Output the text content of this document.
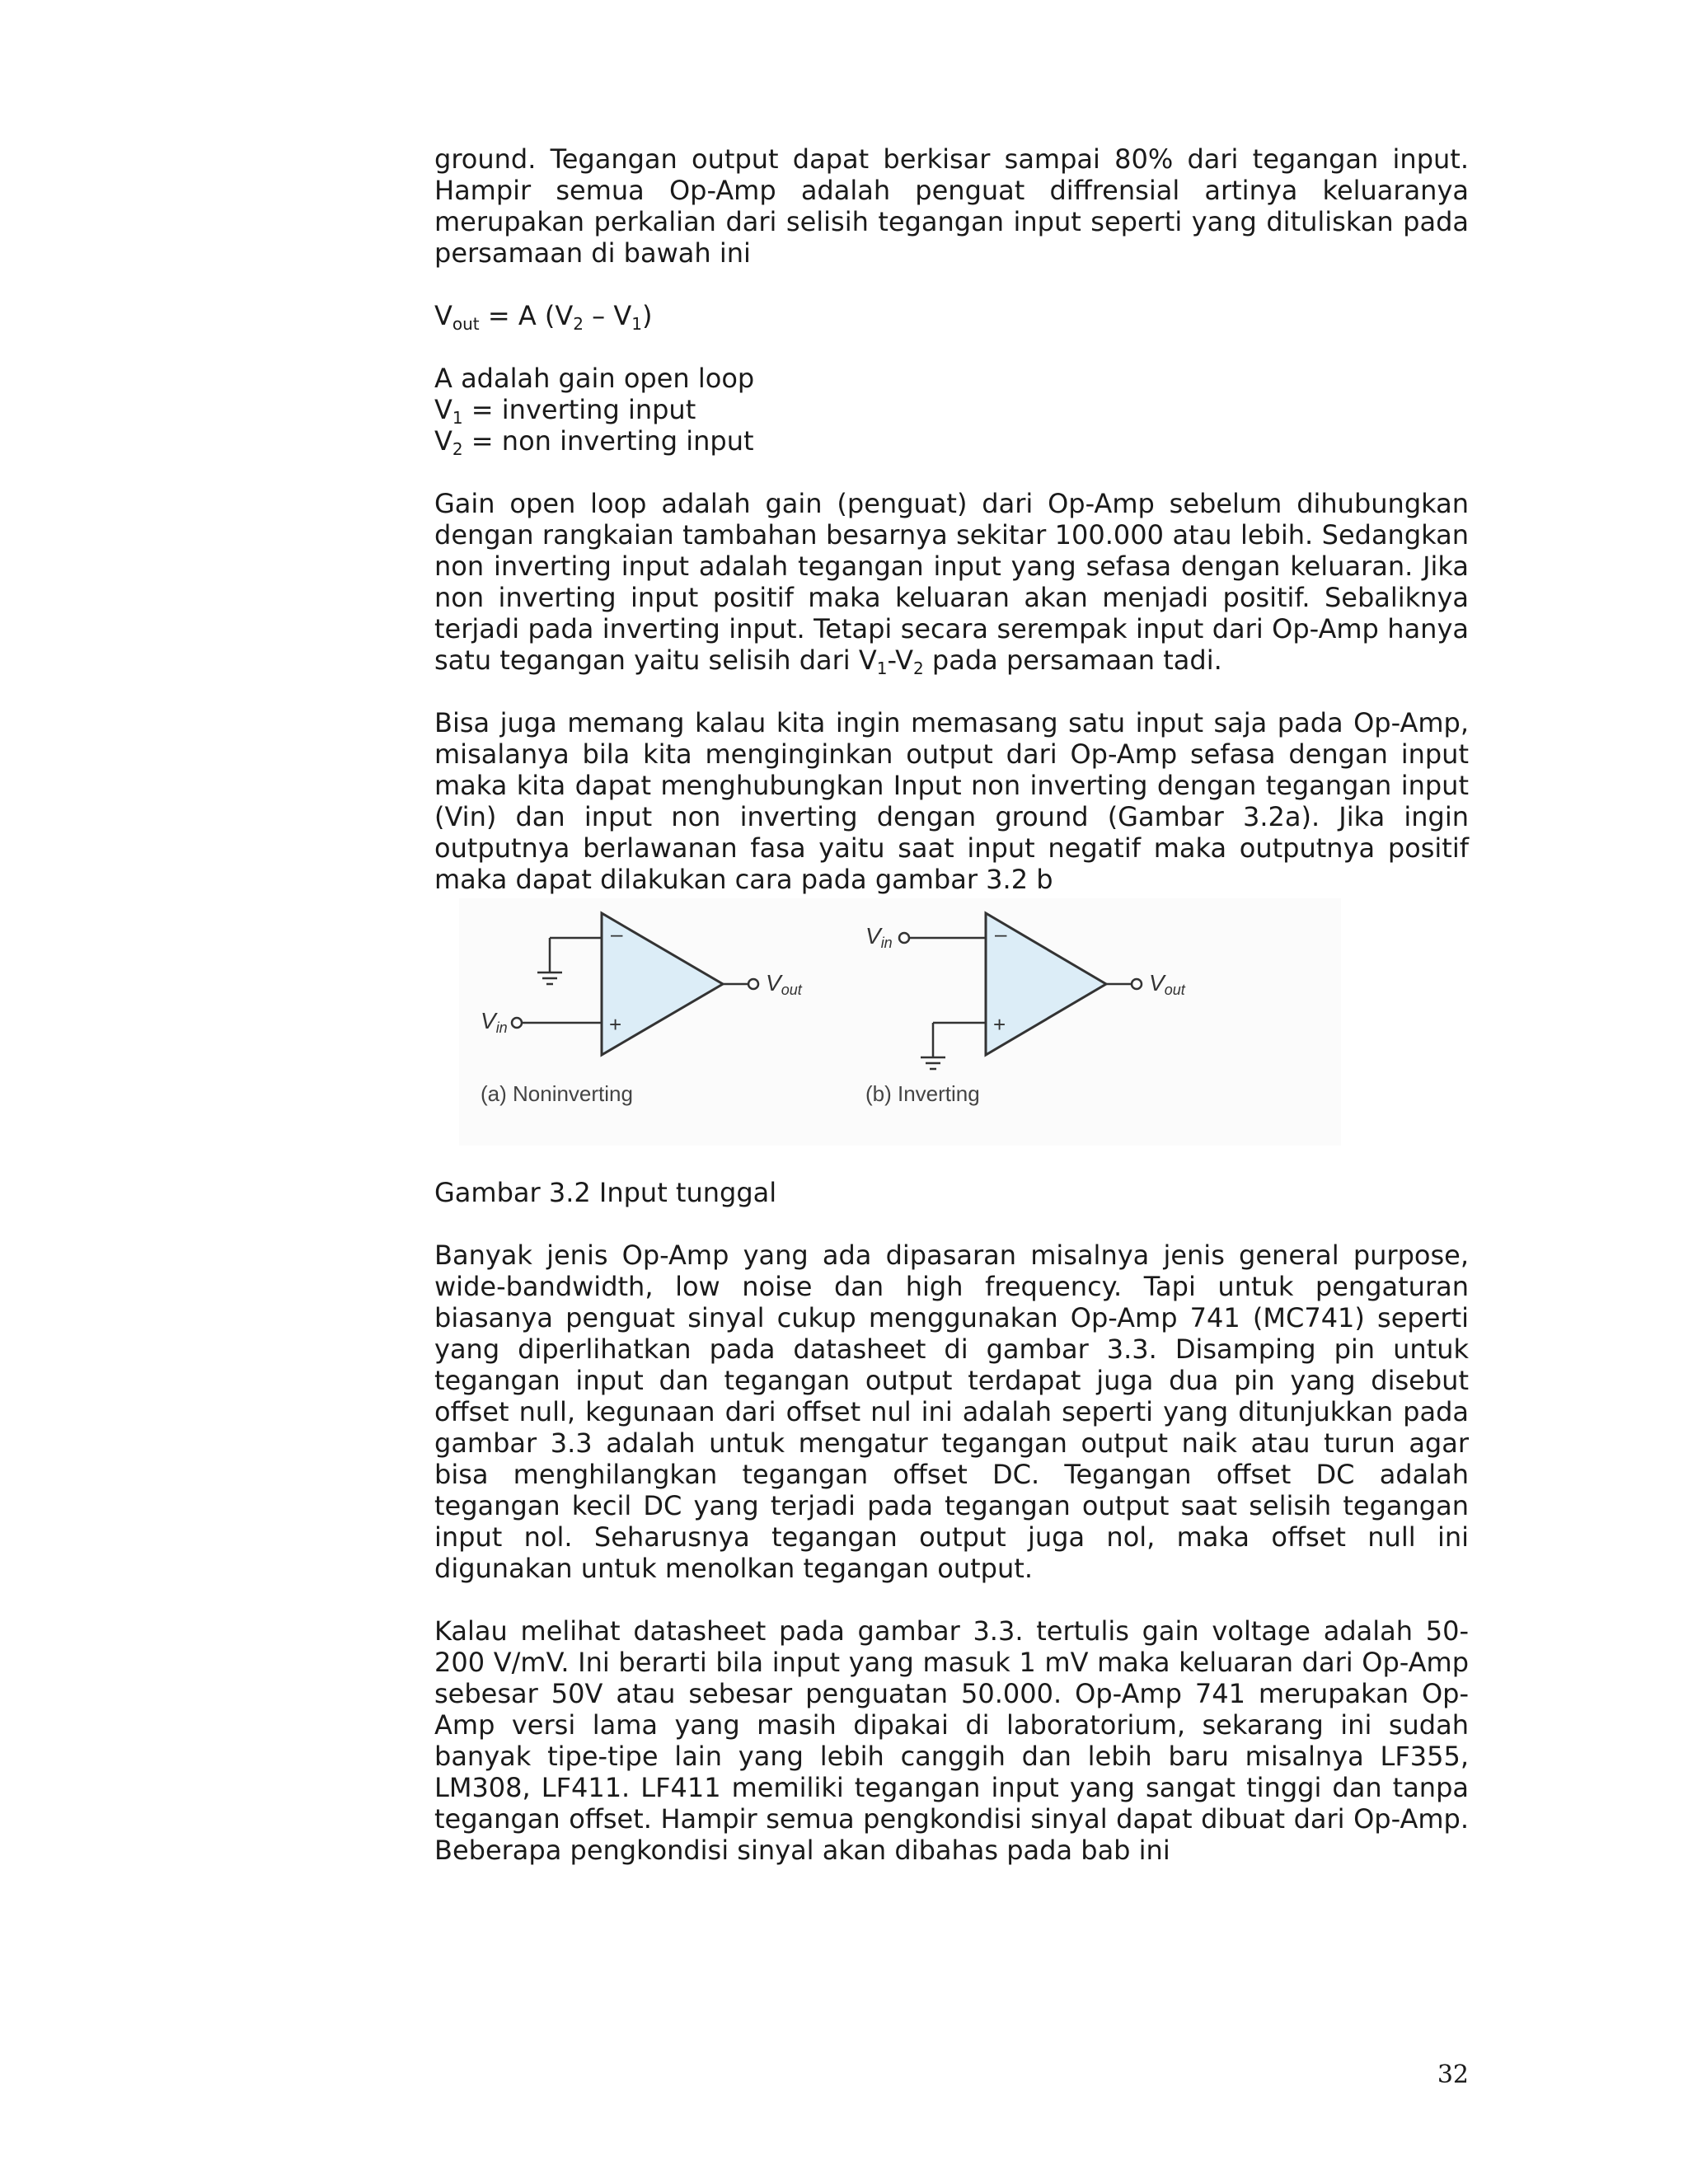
ground. Tegangan output dapat berkisar sampai 80% dari tegangan input. Hampir semua Op-Amp adalah penguat diffrensial artinya keluaranya merupakan perkalian dari selisih tegangan input seperti yang dituliskan pada persamaan di bawah ini

$V_{out} = A$ $(V_2 - V_1)$

A adalah gain open loop

$V_1$ = inverting input

$V_2$ = non inverting input

Gain open loop adalah gain (penguat) dari Op-Amp sebelum dihubungkan dengan rangkaian tambahan besarnya sekitar 100.000 atau lebih. Sedangkan non inverting input adalah tegangan input yang sefasa dengan keluaran. Jika non inverting input positif maka keluaran akan menjadi positif. Sebaliknya terjadi pada inverting input. Tetapi secara serempak input dari Op-Amp hanya satu tegangan yaitu selisih dari $V_1-V_2$ pada persamaan tadi.

Bisa juga memang kalau kita ingin memasang satu input saja pada Op-Amp, misalanya bila kita menginginkan output dari Op-Amp sefasa dengan input maka kita dapat menghubungkan Input non inverting dengan tegangan input (Vin) dan input non inverting dengan ground (Gambar 3.2a). Jika ingin outputnya berlawanan fasa yaitu saat input negatif maka outputnya positif maka dapat dilakukan cara pada gambar 3.2 b

–
+
Vin
Vout
(a) Noninverting
–
+
Vin
Vout
(b) Inverting

Gambar 3.2 Input tunggal

Banyak jenis Op-Amp yang ada dipasaran misalnya jenis general purpose, wide-bandwidth, low noise dan high frequency. Tapi untuk pengaturan biasanya penguat sinyal cukup menggunakan Op-Amp 741 (MC741) seperti yang diperlihatkan pada datasheet di gambar 3.3. Disamping pin untuk tegangan input dan tegangan output terdapat juga dua pin yang disebut offset null, kegunaan dari offset nul ini adalah seperti yang ditunjukkan pada gambar 3.3 adalah untuk mengatur tegangan output naik atau turun agar bisa menghilangkan tegangan offset DC. Tegangan offset DC adalah tegangan kecil DC yang terjadi pada tegangan output saat selisih tegangan input nol. Seharusnya tegangan output juga nol, maka offset null ini digunakan untuk menolkan tegangan output.

Kalau melihat datasheet pada gambar 3.3. tertulis gain voltage adalah 50-200 V/mV. Ini berarti bila input yang masuk 1 mV maka keluaran dari Op-Amp sebesar 50V atau sebesar penguatan 50.000. Op-Amp 741 merupakan Op-Amp versi lama yang masih dipakai di laboratorium, sekarang ini sudah banyak tipe-tipe lain yang lebih canggih dan lebih baru misalnya LF355, LM308, LF411. LF411 memiliki tegangan input yang sangat tinggi dan tanpa tegangan offset. Hampir semua pengkondisi sinyal dapat dibuat dari Op-Amp. Beberapa pengkondisi sinyal akan dibahas pada bab ini

32
